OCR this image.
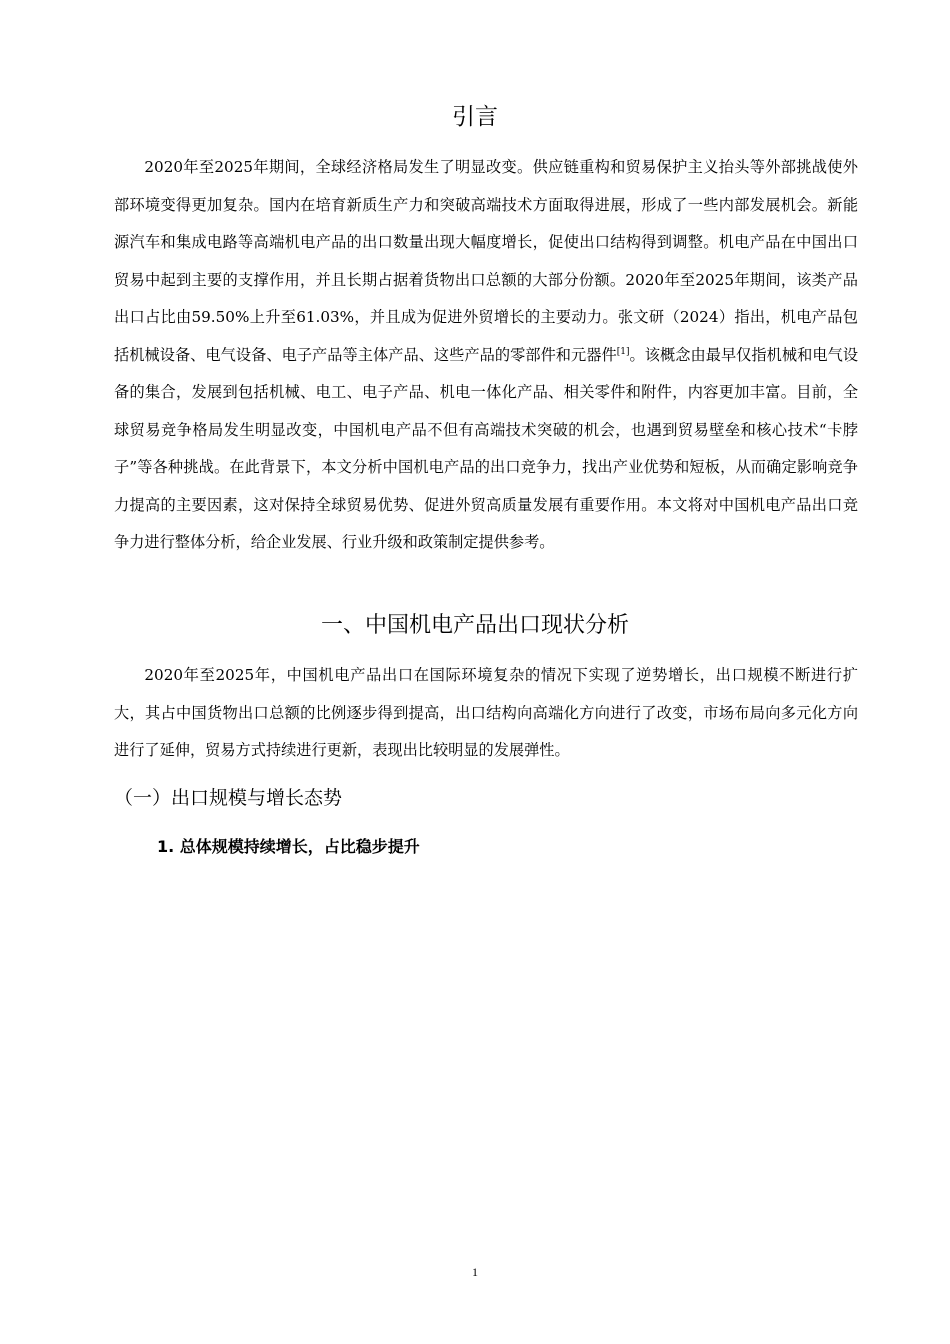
引言

2020年至2025年期间，全球经济格局发生了明显改变。供应链重构和贸易保护主义抬头等外部挑战使外部环境变得更加复杂。国内在培育新质生产力和突破高端技术方面取得进展，形成了一些内部发展机会。新能源汽车和集成电路等高端机电产品的出口数量出现大幅度增长，促使出口结构得到调整。机电产品在中国出口贸易中起到主要的支撑作用，并且长期占据着货物出口总额的大部分份额。2020年至2025年期间，该类产品出口占比由59.50%上升至61.03%，并且成为促进外贸增长的主要动力。张文研（2024）指出，机电产品包括机械设备、电气设备、电子产品等主体产品、这些产品的零部件和元器件[1]。该概念由最早仅指机械和电气设备的集合，发展到包括机械、电工、电子产品、机电一体化产品、相关零件和附件，内容更加丰富。目前，全球贸易竞争格局发生明显改变，中国机电产品不但有高端技术突破的机会，也遇到贸易壁垒和核心技术“卡脖子”等各种挑战。在此背景下，本文分析中国机电产品的出口竞争力，找出产业优势和短板，从而确定影响竞争力提高的主要因素，这对保持全球贸易优势、促进外贸高质量发展有重要作用。本文将对中国机电产品出口竞争力进行整体分析，给企业发展、行业升级和政策制定提供参考。

一、中国机电产品出口现状分析

2020年至2025年，中国机电产品出口在国际环境复杂的情况下实现了逆势增长，出口规模不断进行扩大，其占中国货物出口总额的比例逐步得到提高，出口结构向高端化方向进行了改变，市场布局向多元化方向进行了延伸，贸易方式持续进行更新，表现出比较明显的发展弹性。

（一）出口规模与增长态势
1. 总体规模持续增长，占比稳步提升
1
